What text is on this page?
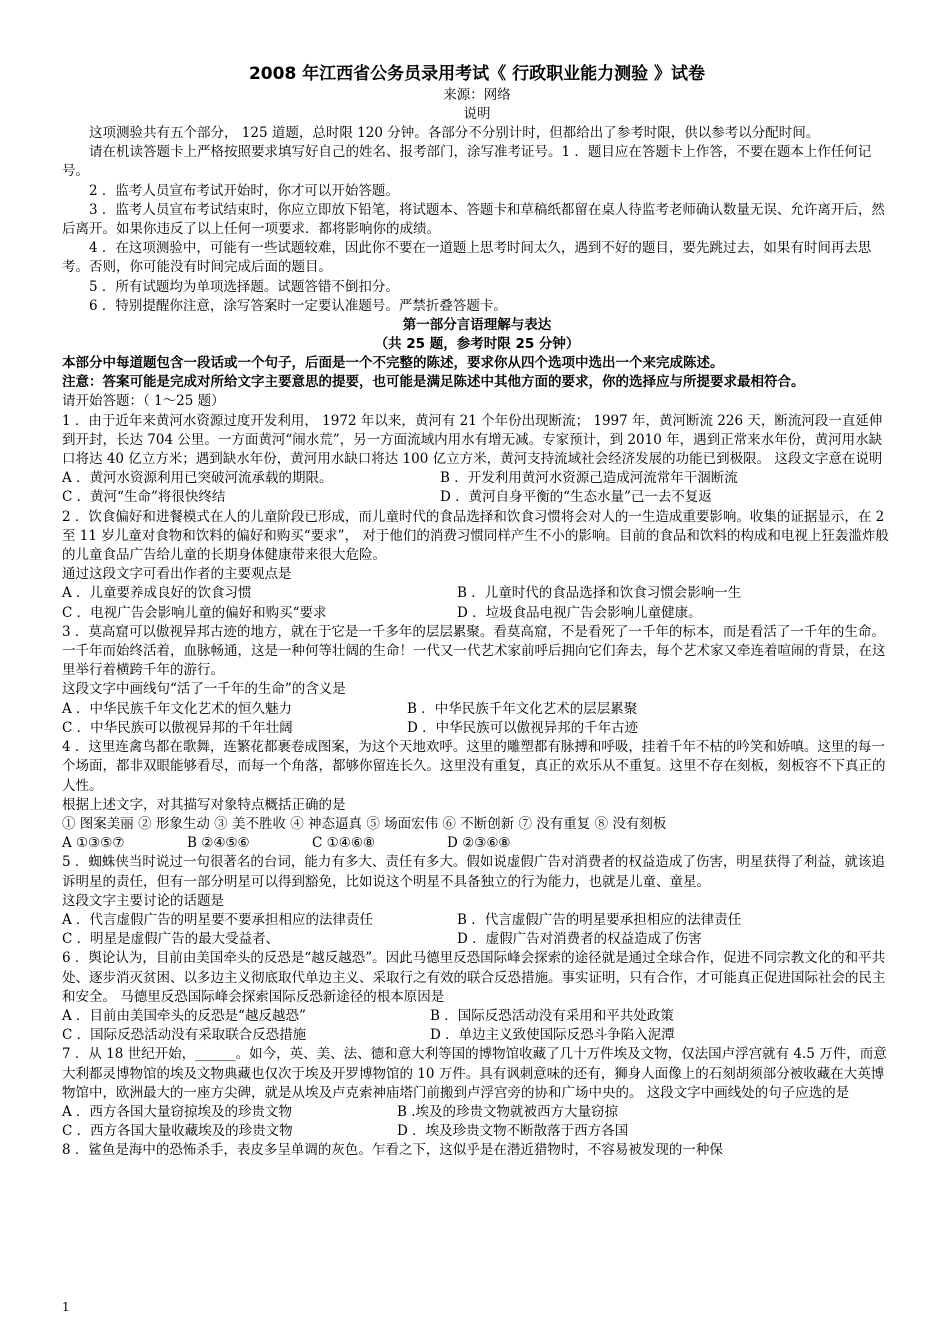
2008 年江西省公务员录用考试《 行政职业能力测验 》试卷
来源：网络
说明

这项测验共有五个部分， 125 道题，总时限 120 分钟。各部分不分别计时，但都给出了参考时限，供以参考以分配时间。

请在机读答题卡上严格按照要求填写好自己的姓名、报考部门，涂写准考证号。1 ．题目应在答题卡上作答，不要在题本上作任何记号。

2 ．监考人员宣布考试开始时，你才可以开始答题。

3 ．监考人员宣布考试结束时，你应立即放下铅笔，将试题本、答题卡和草稿纸都留在桌人待监考老师确认数量无误、允许离开后，然后离开。如果你违反了以上任何一项要求．都将影响你的成绩。

4 ．在这项测验中，可能有一些试题较难，因此你不要在一道题上思考时间太久，遇到不好的题目，要先跳过去，如果有时间再去思考。否则，你可能没有时间完成后面的题目。

5 ．所有试题均为单项选择题。试题答错不倒扣分。

6 ．特别提醒你注意，涂写答案时一定要认准题号。严禁折叠答题卡。

第一部分言语理解与表达
（共 25 题，参考时限 25 分钟）

本部分中每道题包含一段话或一个句子，后面是一个不完整的陈述，要求你从四个选项中选出一个来完成陈述。

注意：答案可能是完成对所给文字主要意思的提要，也可能是满足陈述中其他方面的要求，你的选择应与所提要求最相符合。

请开始答题：（ 1～25 题）

1 ．由于近年来黄河水资源过度开发利用， 1972 年以来，黄河有 21 个年份出现断流； 1997 年，黄河断流 226 天，断流河段一直延伸到开封，长达 704 公里。一方面黄河“闹水荒”，另一方面流域内用水有增无减。专家预计，到 2010 年，遇到正常来水年份，黄河用水缺口将达 40 亿立方米；遇到缺水年份，黄河用水缺口将达 100 亿立方米，黄河支持流域社会经济发展的功能已到极限。 这段文字意在说明

A ．黄河水资源利用已突破河流承载的期限。	B ．开发利用黄河水资源己造成河流常年干涸断流
C ．黄河“生命”将很快终结	D ．黄河自身平衡的“生态水量”己一去不复返

2 ．饮食偏好和进餐模式在人的儿童阶段已形成，而儿童时代的食品选择和饮食习惯将会对人的一生造成重要影响。收集的证据显示，在 2 至 11 岁儿童对食物和饮料的偏好和购买“要求”， 对于他们的消费习惯同样产生不小的影响。目前的食品和饮料的构成和电视上狂轰滥炸般的儿童食品广告给儿童的长期身体健康带来很大危险。

通过这段文字可看出作者的主要观点是

A ．儿童要养成良好的饮食习惯	B ．儿童时代的食品选择和饮食习惯会影响一生
C ．电视广告会影响儿童的偏好和购买“要求	D ．垃圾食品电视广告会影响儿童健康。

3 ．莫高窟可以傲视异邦古迹的地方，就在于它是一千多年的层层累聚。看莫高窟，不是看死了一千年的标本，而是看活了一千年的生命。一千年而始终活着，血脉畅通，这是一种何等壮阔的生命！一代又一代艺术家前呼后拥向它们奔去，每个艺术家又牵连着喧闹的背景，在这里举行着横跨千年的游行。

这段文字中画线句“活了一千年的生命”的含义是

A ．中华民族千年文化艺术的恒久魅力	B ．中华民族千年文化艺术的层层累聚
C ．中华民族可以傲视异邦的千年壮阔	D ．中华民族可以傲视异邦的千年古迹

4 ．这里连禽鸟都在歌舞，连繁花都裹卷成图案，为这个天地欢呼。这里的雕塑都有脉搏和呼吸，挂着千年不枯的吟笑和娇嗔。这里的每一个场面，都非双眼能够看尽，而每一个角落，都够你留连长久。这里没有重复，真正的欢乐从不重复。这里不存在刻板，刻板容不下真正的人性。

根据上述文字，对其描写对象特点概括正确的是

① 图案美丽 ② 形象生动 ③ 美不胜收 ④ 神态逼真 ⑤ 场面宏伟 ⑥ 不断创新 ⑦ 没有重复 ⑧ 没有刻板

A ①③⑤⑦	B ②④⑤⑥	C ①④⑥⑧	D ②③⑥⑧

5 ．蜘蛛侠当时说过一句很著名的台词，能力有多大、责任有多大。假如说虚假广告对消费者的权益造成了伤害，明星获得了利益，就该追诉明星的责任，但有一部分明星可以得到豁免，比如说这个明星不具备独立的行为能力，也就是儿童、童星。

这段文字主要讨论的话题是

A ．代言虚假广告的明星要不要承担相应的法律责任	B ．代言虚假广告的明星要承担相应的法律责任
C ．明星是虚假广告的最大受益者、	D ．虚假广告对消费者的权益造成了伤害

6 ．舆论认为，目前由美国牵头的反恐是“越反越恐”。因此马德里反恐国际峰会探索的途径就是通过全球合作，促进不同宗教文化的和平共处、逐步消灭贫困、以多边主义彻底取代单边主义、采取行之有效的联合反恐措施。事实证明，只有合作，才可能真正促进国际社会的民主和安全。 马德里反恐国际峰会探索国际反恐新途径的根本原因是

A ．目前由美国牵头的反恐是“越反越恐”	B ．国际反恐活动没有采用和平共处政策
C ．国际反恐活动没有采取联合反恐措施	D ．单边主义致使国际反恐斗争陷入泥潭

7 ．从 18 世纪开始，______。如今，英、美、法、德和意大利等国的博物馆收藏了几十万件埃及文物，仅法国卢浮宫就有 4.5 万件，而意大利都灵博物馆的埃及文物典藏也仅次于埃及开罗博物馆的 10 万件。具有讽刺意味的还有，狮身人面像上的石刻胡须部分被收藏在大英博物馆中，欧洲最大的一座方尖碑，就是从埃及卢克索神庙塔门前搬到卢浮宫旁的协和广场中央的。 这段文字中画线处的句子应选的是

A ．西方各国大量窃掠埃及的珍贵文物	B .埃及的珍贵文物就被西方大量窃掠
C ．西方各国大量收藏埃及的珍贵文物	D ．埃及珍贵文物不断散落于西方各国

8 ．鲨鱼是海中的恐怖杀手，表皮多呈单调的灰色。乍看之下，这似乎是在潜近猎物时，不容易被发现的一种保

1
